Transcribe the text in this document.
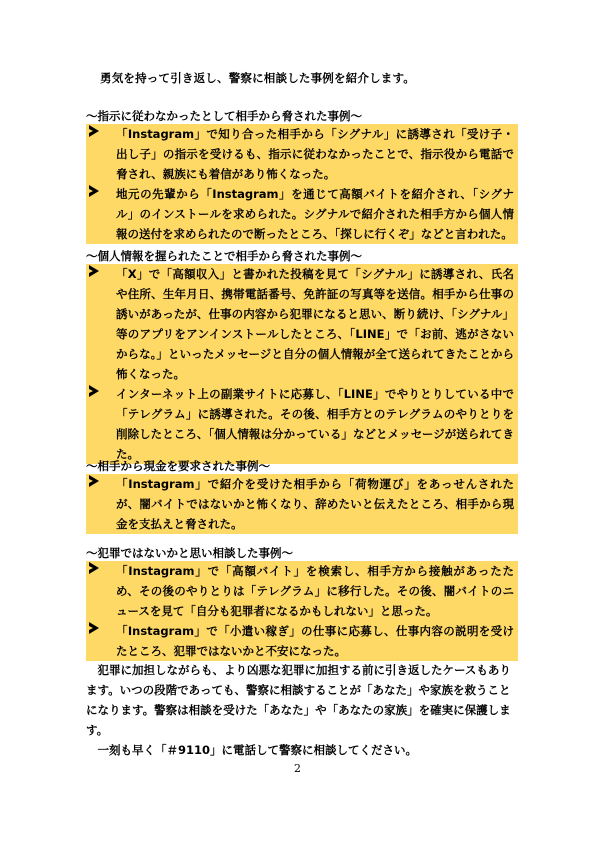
勇気を持って引き返し、警察に相談した事例を紹介します。
～指示に従わなかったとして相手から脅された事例～
「Instagram」で知り合った相手から「シグナル」に誘導され「受け子・出し子」の指示を受けるも、指示に従わなかったことで、指示役から電話で脅され、親族にも着信があり怖くなった。
地元の先輩から「Instagram」を通じて高額バイトを紹介され、「シグナル」のインストールを求められた。シグナルで紹介された相手方から個人情報の送付を求められたので断ったところ、「探しに行くぞ」などと言われた。
～個人情報を握られたことで相手から脅された事例～
「X」で「高額収入」と書かれた投稿を見て「シグナル」に誘導され、氏名や住所、生年月日、携帯電話番号、免許証の写真等を送信。相手から仕事の誘いがあったが、仕事の内容から犯罪になると思い、断り続け、「シグナル」等のアプリをアンインストールしたところ、「LINE」で「お前、逃がさないからな。」といったメッセージと自分の個人情報が全て送られてきたことから怖くなった。
インターネット上の副業サイトに応募し、「LINE」でやりとりしている中で「テレグラム」に誘導された。その後、相手方とのテレグラムのやりとりを削除したところ、「個人情報は分かっている」などとメッセージが送られてきた。
～相手から現金を要求された事例～
「Instagram」で紹介を受けた相手から「荷物運び」をあっせんされたが、闇バイトではないかと怖くなり、辞めたいと伝えたところ、相手から現金を支払えと脅された。
～犯罪ではないかと思い相談した事例～
「Instagram」で「高額バイト」を検索し、相手方から接触があったため、その後のやりとりは「テレグラム」に移行した。その後、闇バイトのニュースを見て「自分も犯罪者になるかもしれない」と思った。
「Instagram」で「小遣い稼ぎ」の仕事に応募し、仕事内容の説明を受けたところ、犯罪ではないかと不安になった。
　犯罪に加担しながらも、より凶悪な犯罪に加担する前に引き返したケースもあります。いつの段階であっても、警察に相談することが「あなた」や家族を救うことになります。警察は相談を受けた「あなた」や「あなたの家族」を確実に保護します。
　一刻も早く「＃9110」に電話して警察に相談してください。
2
